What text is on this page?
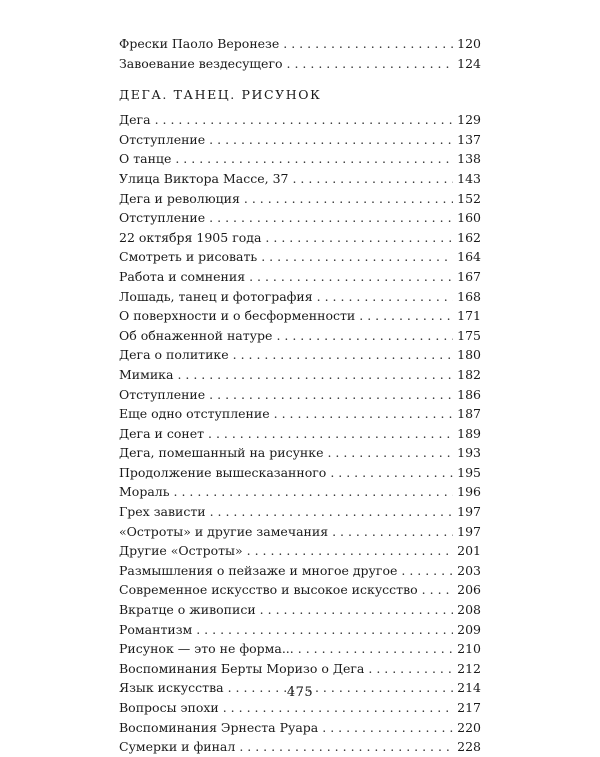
Фрески Паоло Веронезе . . .	120
Завоевание вездесущего . . .	124
ДЕГА. ТАНЕЦ. РИСУНОК
Дега . . .	129
Отступление . . .	137
О танце . . .	138
Улица Виктора Массе, 37 . . .	143
Дега и революция . . .	152
Отступление . . .	160
22 октября 1905 года . . .	162
Смотреть и рисовать . . .	164
Работа и сомнения . . .	167
Лошадь, танец и фотография . . .	168
О поверхности и о бесформенности . . .	171
Об обнаженной натуре . . .	175
Дега о политике . . .	180
Мимика . . .	182
Отступление . . .	186
Еще одно отступление . . .	187
Дега и сонет . . .	189
Дега, помешанный на рисунке . . .	193
Продолжение вышесказанного . . .	195
Мораль . . .	196
Грех зависти . . .	197
«Остроты» и другие замечания . . .	197
Другие «Остроты» . . .	201
Размышления о пейзаже и многое другое . . .	203
Современное искусство и высокое искусство . . .	206
Вкратце о живописи . . .	208
Романтизм . . .	209
Рисунок — это не форма... . . .	210
Воспоминания Берты Моризо о Дега . . .	212
Язык искусства . . .	214
Вопросы эпохи . . .	217
Воспоминания Эрнеста Руара . . .	220
Сумерки и финал . . .	228
475
